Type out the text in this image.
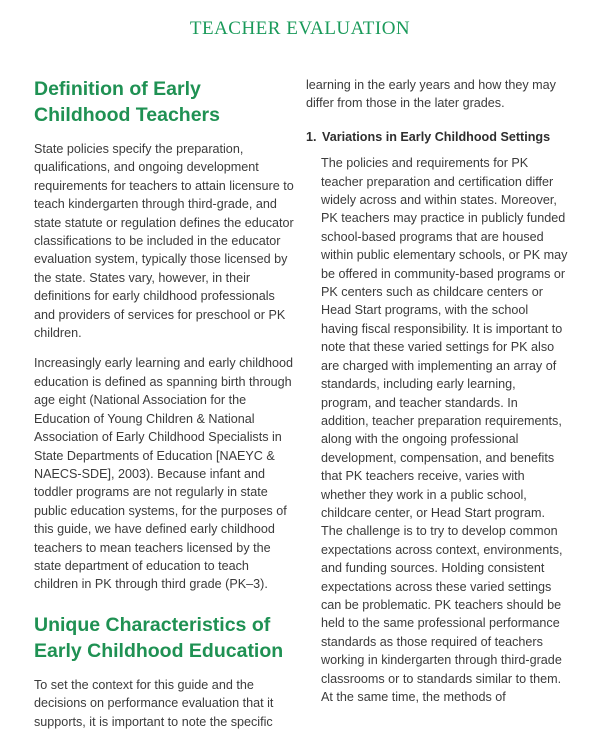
TEACHER EVALUATION
Definition of Early Childhood Teachers

State policies specify the preparation, qualifications, and ongoing development requirements for teachers to attain licensure to teach kindergarten through third-grade, and state statute or regulation defines the educator classifications to be included in the educator evaluation system, typically those licensed by the state. States vary, however, in their definitions for early childhood professionals and providers of services for preschool or PK children.

Increasingly early learning and early childhood education is defined as spanning birth through age eight (National Association for the Education of Young Children & National Association of Early Childhood Specialists in State Departments of Education [NAEYC & NAECS-SDE], 2003). Because infant and toddler programs are not regularly in state public education systems, for the purposes of this guide, we have defined early childhood teachers to mean teachers licensed by the state department of education to teach children in PK through third grade (PK–3).

Unique Characteristics of Early Childhood Education

To set the context for this guide and the decisions on performance evaluation that it supports, it is important to note the specific

learning in the early years and how they may differ from those in the later grades.

1. Variations in Early Childhood Settings

The policies and requirements for PK teacher preparation and certification differ widely across and within states. Moreover, PK teachers may practice in publicly funded school-based programs that are housed within public elementary schools, or PK may be offered in community-based programs or PK centers such as childcare centers or Head Start programs, with the school having fiscal responsibility. It is important to note that these varied settings for PK also are charged with implementing an array of standards, including early learning, program, and teacher standards. In addition, teacher preparation requirements, along with the ongoing professional development, compensation, and benefits that PK teachers receive, varies with whether they work in a public school, childcare center, or Head Start program. The challenge is to try to develop common expectations across context, environments, and funding sources. Holding consistent expectations across these varied settings can be problematic. PK teachers should be held to the same professional performance standards as those required of teachers working in kindergarten through third-grade classrooms or to standards similar to them. At the same time, the methods of
